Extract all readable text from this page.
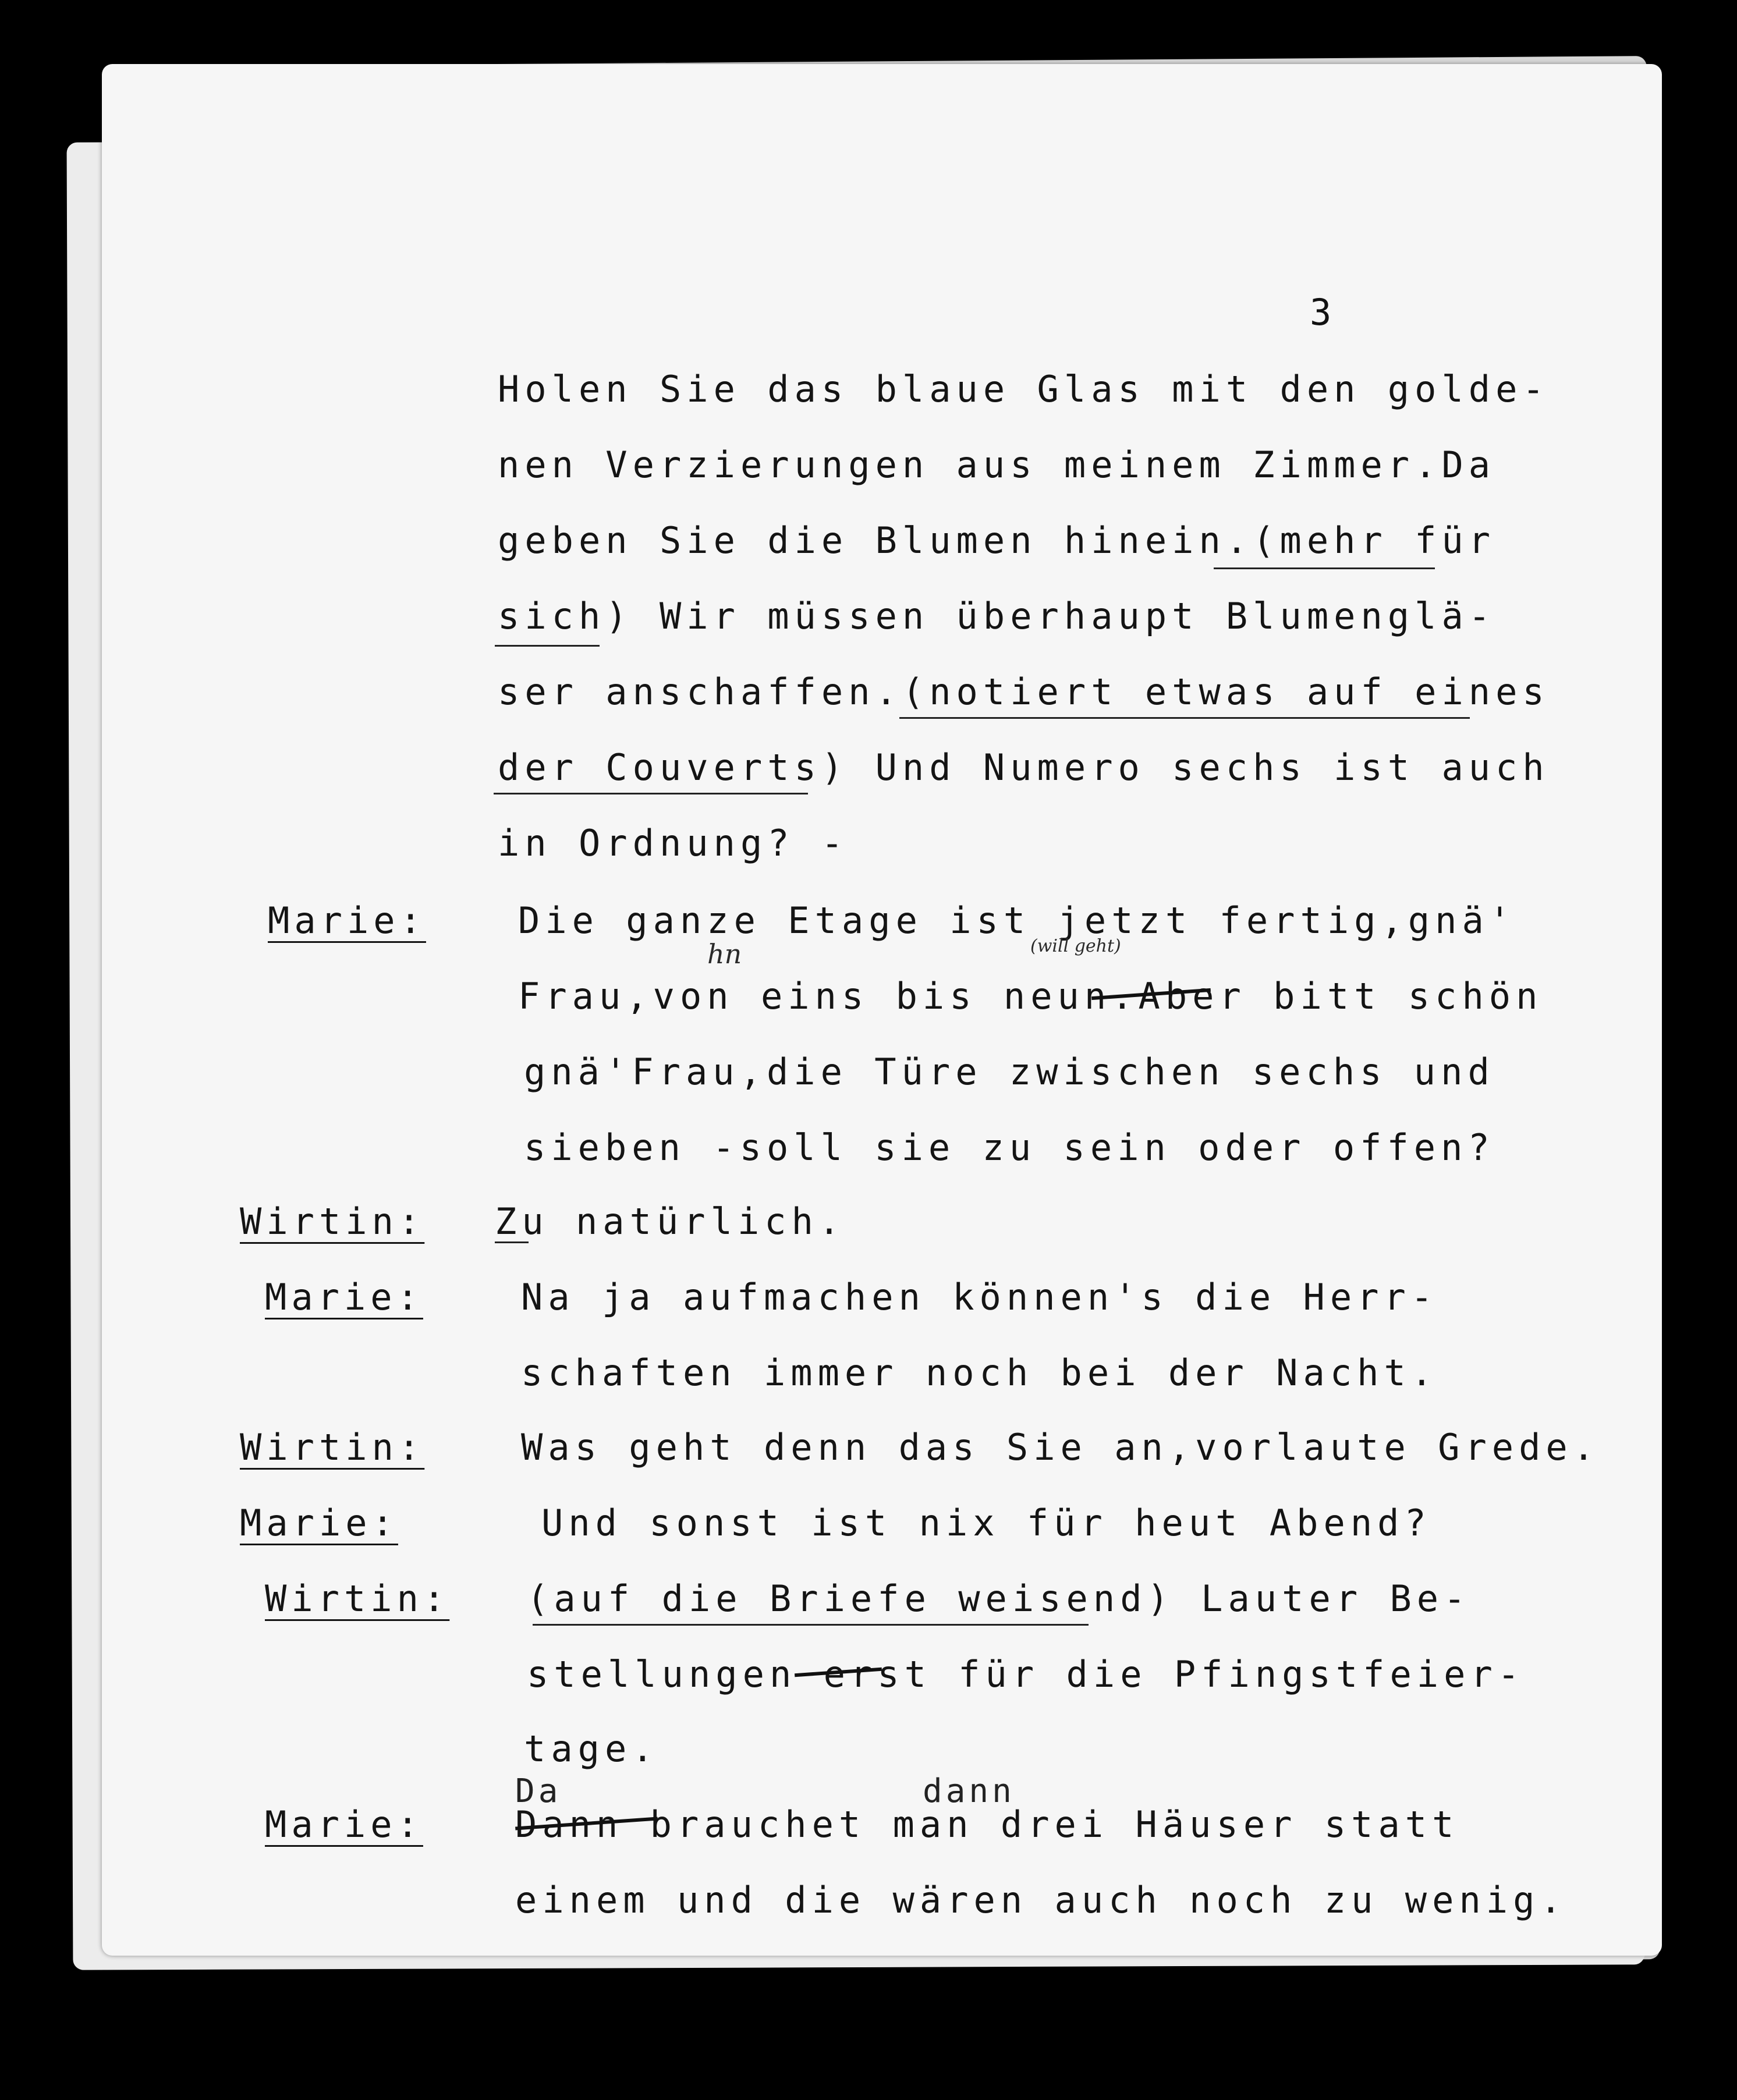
3
Marie:
Wirtin:
Marie:
Wirtin:
Marie:
Wirtin:
Marie:
Holen Sie das blaue Glas mit den golde-
nen Verzierungen aus meinem Zimmer.Da
geben Sie die Blumen hinein.(mehr für
sich) Wir müssen überhaupt Blumenglä-
ser anschaffen.(notiert etwas auf eines
der Couverts) Und Numero sechs ist auch
in Ordnung? -
Die ganze Etage ist jetzt fertig,gnä'
Frau,von eins bis neun.Aber bitt schön
gnä'Frau,die Türe zwischen sechs und
sieben -soll sie zu sein oder offen?
Zu natürlich.
Na ja aufmachen können's die Herr-
schaften immer noch bei der Nacht.
Was geht denn das Sie an,vorlaute Grede.
Und sonst ist nix für heut Abend?
(auf die Briefe weisend) Lauter Be-
stellungen erst für die Pfingstfeier-
tage.
Dann brauchet man drei Häuser statt
einem und die wären auch noch zu wenig.
hn	(will geht)
Da	dann
